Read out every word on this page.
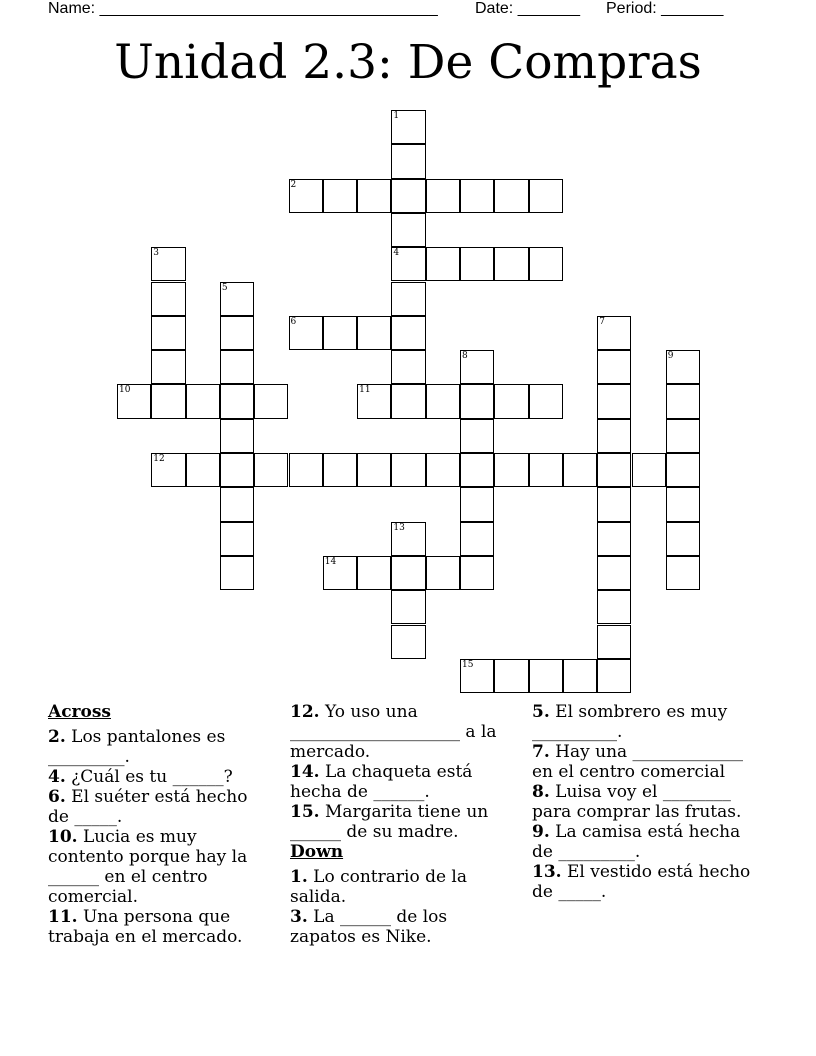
Name: ______________________________________ Date: _______ Period: _______
Unidad 2.3: De Compras
1
4
2
3
5
6	7
8	9
10	11
12
13
14
15
Across
2. Los pantalones es _________.
4. ¿Cuál es tu ______?
6. El suéter está hecho de _____.
10. Lucia es muy contento porque hay la ______ en el centro comercial.
11. Una persona que trabaja en el mercado.
12. Yo uso una ____________________ a la mercado.
14. La chaqueta está hecha de ______.
15. Margarita tiene un ______ de su madre.
Down
1. Lo contrario de la salida.
3. La ______ de los zapatos es Nike.
5. El sombrero es muy __________.
7. Hay una _____________ en el centro comercial
8. Luisa voy el ________ para comprar las frutas.
9. La camisa está hecha de _________.
13. El vestido está hecho de _____.
